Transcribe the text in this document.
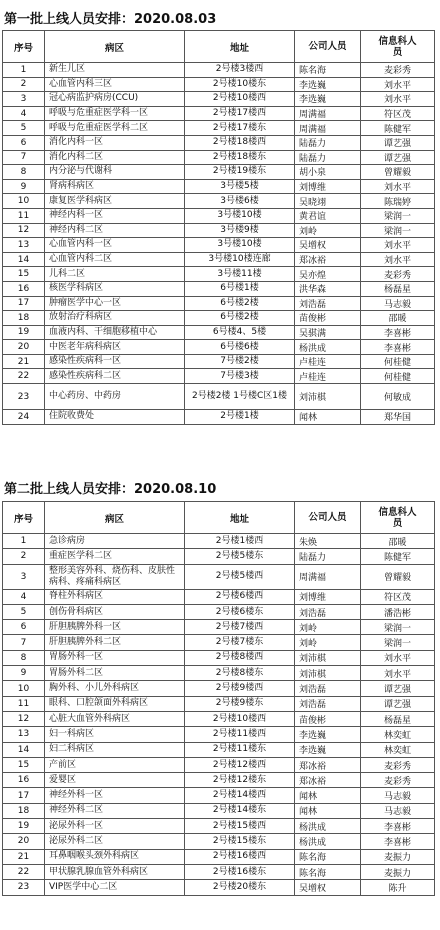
第一批上线人员安排：2020.08.03
序号	病区	地址	公司人员	信息科人员
1	新生儿区	2号楼3楼西	陈名海	麦彩秀
2	心血管内科三区	2号楼10楼东	李选巍	刘水平
3	冠心病监护病房(CCU)	2号楼10楼西	李选巍	刘水平
4	呼吸与危重症医学科一区	2号楼17楼西	周满福	符区茂
5	呼吸与危重症医学科二区	2号楼17楼东	周满福	陈健军
6	消化内科一区	2号楼18楼西	陆磊力	谭艺强
7	消化内科二区	2号楼18楼东	陆磊力	谭艺强
8	内分泌与代谢科	2号楼19楼东	胡小泉	曾耀毅
9	肾病科病区	3号楼5楼	刘博维	刘水平
10	康复医学科病区	3号楼6楼	吴晓翊	陈瑞婷
11	神经内科一区	3号楼10楼	黄君谊	梁润一
12	神经内科二区	3号楼9楼	刘岭	梁润一
13	心血管内科一区	3号楼10楼	吴增权	刘水平
14	心血管内科二区	3号楼10楼连廊	郑冰裕	刘水平
15	儿科二区	3号楼11楼	吴亦煌	麦彩秀
16	核医学科病区	6号楼1楼	洪华森	杨磊星
17	肿瘤医学中心一区	6号楼2楼	刘浩磊	马志毅
18	放射治疗科病区	6号楼2楼	苗俊彬	邵暖
19	血液内科、干细胞移植中心	6号楼4、5楼	吴骐满	李喜彬
20	中医老年病科病区	6号楼6楼	杨洪成	李喜彬
21	感染性疾病科一区	7号楼2楼	卢桂连	何桂健
22	感染性疾病科二区	7号楼3楼	卢桂连	何桂健
23	中心药房、中药房	2号楼2楼 1号楼C区1楼	刘沛棋	何敏成
24	住院收费处	2号楼1楼	闻林	郑华国
第二批上线人员安排：2020.08.10
序号	病区	地址	公司人员	信息科人员
1	急诊病房	2号楼1楼西	朱焕	邵暖
2	重症医学科二区	2号楼5楼东	陆磊力	陈健军
3	整形美容外科、烧伤科、皮肤性病科、疼痛科病区	2号楼5楼西	周满福	曾耀毅
4	脊柱外科病区	2号楼6楼西	刘博维	符区茂
5	创伤骨科病区	2号楼6楼东	刘浩磊	潘浩彬
6	肝胆胰脾外科一区	2号楼7楼西	刘岭	梁润一
7	肝胆胰脾外科二区	2号楼7楼东	刘岭	梁润一
8	胃肠外科一区	2号楼8楼西	刘沛棋	刘水平
9	胃肠外科二区	2号楼8楼东	刘沛棋	刘水平
10	胸外科、小儿外科病区	2号楼9楼西	刘浩磊	谭艺强
11	眼科、口腔颌面外科病区	2号楼9楼东	刘浩磊	谭艺强
12	心脏大血管外科病区	2号楼10楼西	苗俊彬	杨磊星
13	妇一科病区	2号楼11楼西	李选巍	林奕虹
14	妇二科病区	2号楼11楼东	李选巍	林奕虹
15	产前区	2号楼12楼西	郑冰裕	麦彩秀
16	爱婴区	2号楼12楼东	郑冰裕	麦彩秀
17	神经外科一区	2号楼14楼西	闻林	马志毅
18	神经外科二区	2号楼14楼东	闻林	马志毅
19	泌尿外科一区	2号楼15楼西	杨洪成	李喜彬
20	泌尿外科二区	2号楼15楼东	杨洪成	李喜彬
21	耳鼻咽喉头颈外科病区	2号楼16楼西	陈名海	麦振力
22	甲状腺乳腺血管外科病区	2号楼16楼东	陈名海	麦振力
23	VIP医学中心二区	2号楼20楼东	吴增权	陈升
